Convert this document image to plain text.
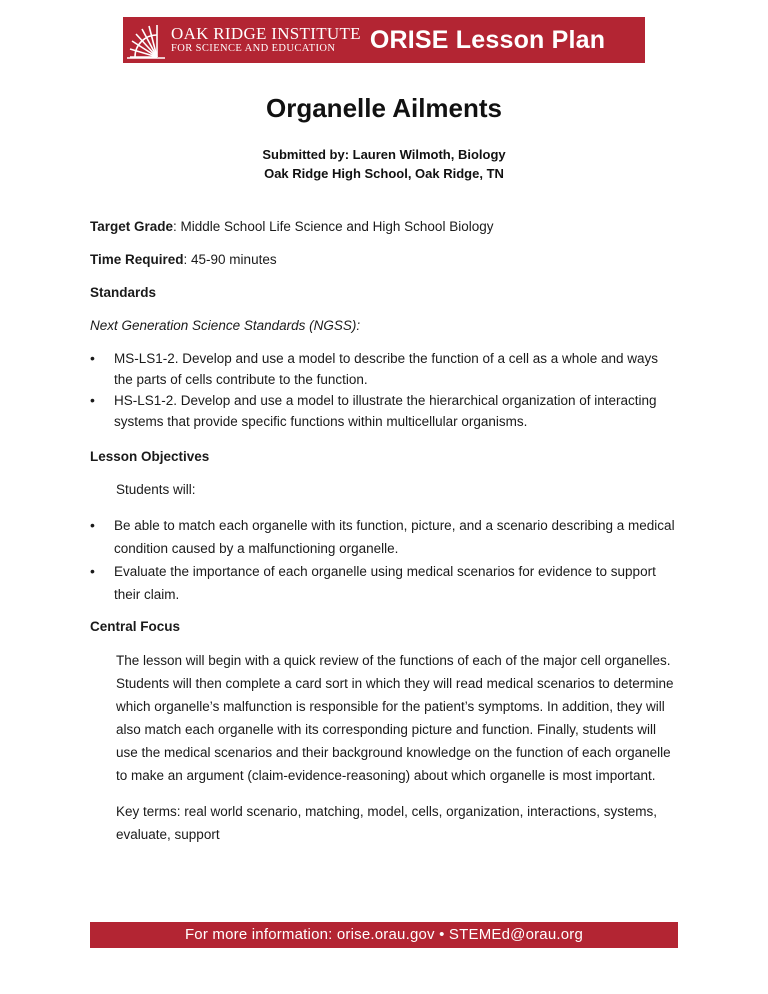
OAK RIDGE INSTITUTE
FOR SCIENCE AND EDUCATION	ORISE Lesson Plan
Organelle Ailments
Submitted by: Lauren Wilmoth, Biology
Oak Ridge High School, Oak Ridge, TN

Target Grade: Middle School Life Science and High School Biology

Time Required: 45-90 minutes

Standards

Next Generation Science Standards (NGSS):

• MS-LS1-2. Develop and use a model to describe the function of a cell as a whole and ways the parts of cells contribute to the function.
• HS-LS1-2. Develop and use a model to illustrate the hierarchical organization of interacting systems that provide specific functions within multicellular organisms.

Lesson Objectives

Students will:

• Be able to match each organelle with its function, picture, and a scenario describing a medical condition caused by a malfunctioning organelle.
• Evaluate the importance of each organelle using medical scenarios for evidence to support their claim.

Central Focus

The lesson will begin with a quick review of the functions of each of the major cell organelles. Students will then complete a card sort in which they will read medical scenarios to determine which organelle’s malfunction is responsible for the patient’s symptoms. In addition, they will also match each organelle with its corresponding picture and function. Finally, students will use the medical scenarios and their background knowledge on the function of each organelle to make an argument (claim-evidence-reasoning) about which organelle is most important.

Key terms: real world scenario, matching, model, cells, organization, interactions, systems, evaluate, support

For more information: orise.orau.gov • STEMEd@orau.org
